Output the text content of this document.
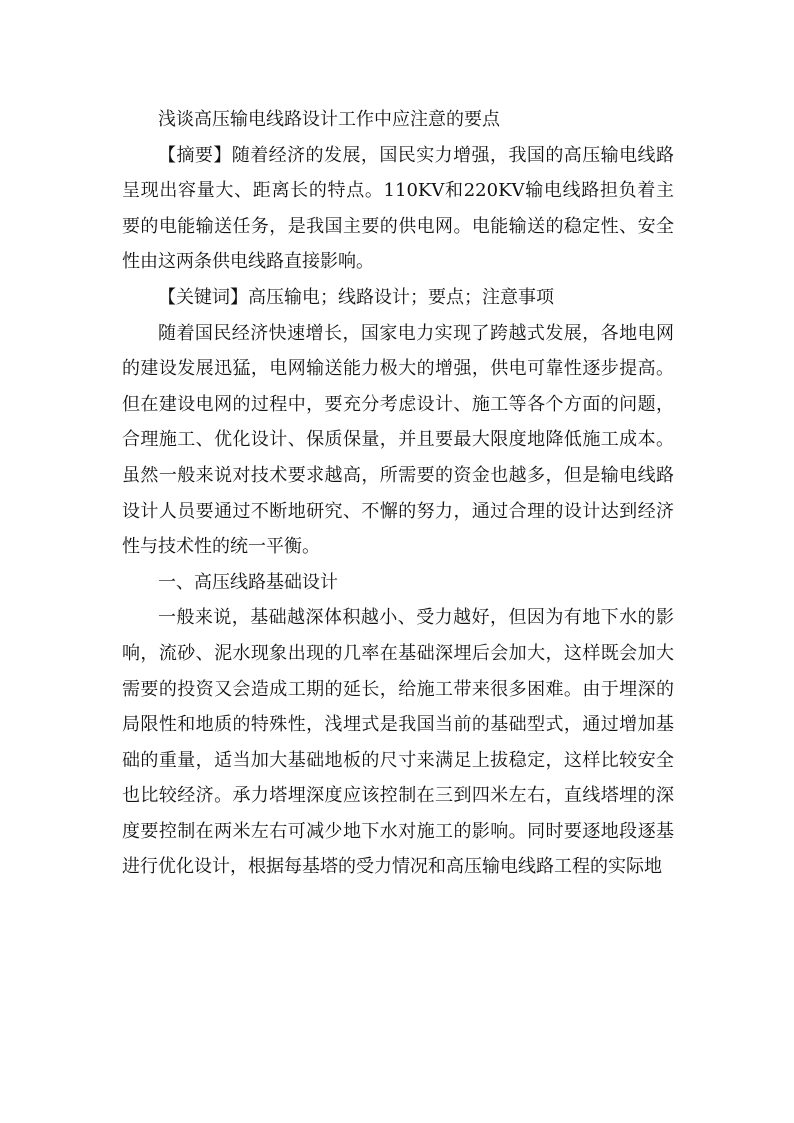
浅谈高压输电线路设计工作中应注意的要点

【摘要】随着经济的发展，国民实力增强，我国的高压输电线路呈现出容量大、距离长的特点。110KV和220KV输电线路担负着主要的电能输送任务，是我国主要的供电网。电能输送的稳定性、安全性由这两条供电线路直接影响。

【关键词】高压输电；线路设计；要点；注意事项

随着国民经济快速增长，国家电力实现了跨越式发展，各地电网的建设发展迅猛，电网输送能力极大的增强，供电可靠性逐步提高。但在建设电网的过程中，要充分考虑设计、施工等各个方面的问题，合理施工、优化设计、保质保量，并且要最大限度地降低施工成本。虽然一般来说对技术要求越高，所需要的资金也越多，但是输电线路设计人员要通过不断地研究、不懈的努力，通过合理的设计达到经济性与技术性的统一平衡。

一、高压线路基础设计

一般来说，基础越深体积越小、受力越好，但因为有地下水的影响，流砂、泥水现象出现的几率在基础深埋后会加大，这样既会加大需要的投资又会造成工期的延长，给施工带来很多困难。由于埋深的局限性和地质的特殊性，浅埋式是我国当前的基础型式，通过增加基础的重量，适当加大基础地板的尺寸来满足上拔稳定，这样比较安全也比较经济。承力塔埋深度应该控制在三到四米左右，直线塔埋的深度要控制在两米左右可减少地下水对施工的影响。同时要逐地段逐基进行优化设计，根据每基塔的受力情况和高压输电线路工程的实际地
